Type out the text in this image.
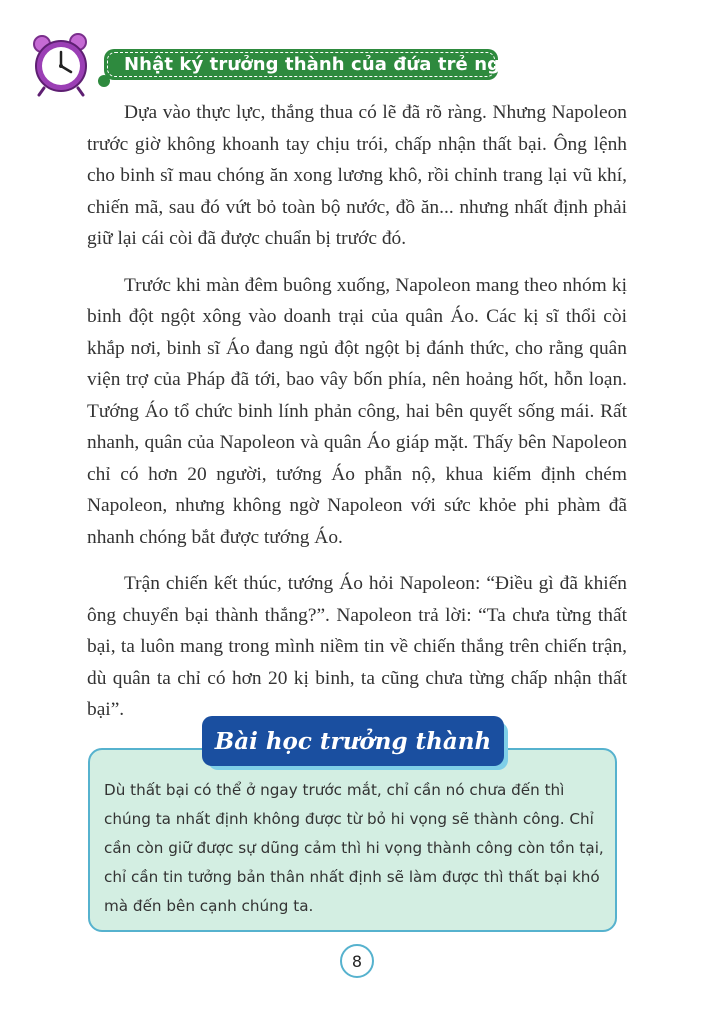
Nhật ký trưởng thành của đứa trẻ ngoan

Dựa vào thực lực, thắng thua có lẽ đã rõ ràng. Nhưng Napoleon trước giờ không khoanh tay chịu trói, chấp nhận thất bại. Ông lệnh cho binh sĩ mau chóng ăn xong lương khô, rồi chỉnh trang lại vũ khí, chiến mã, sau đó vứt bỏ toàn bộ nước, đồ ăn... nhưng nhất định phải giữ lại cái còi đã được chuẩn bị trước đó.

Trước khi màn đêm buông xuống, Napoleon mang theo nhóm kị binh đột ngột xông vào doanh trại của quân Áo. Các kị sĩ thổi còi khắp nơi, binh sĩ Áo đang ngủ đột ngột bị đánh thức, cho rằng quân viện trợ của Pháp đã tới, bao vây bốn phía, nên hoảng hốt, hỗn loạn. Tướng Áo tổ chức binh lính phản công, hai bên quyết sống mái. Rất nhanh, quân của Napoleon và quân Áo giáp mặt. Thấy bên Napoleon chỉ có hơn 20 người, tướng Áo phẫn nộ, khua kiếm định chém Napoleon, nhưng không ngờ Napoleon với sức khỏe phi phàm đã nhanh chóng bắt được tướng Áo.

Trận chiến kết thúc, tướng Áo hỏi Napoleon: “Điều gì đã khiến ông chuyển bại thành thắng?”. Napoleon trả lời: “Ta chưa từng thất bại, ta luôn mang trong mình niềm tin về chiến thắng trên chiến trận, dù quân ta chỉ có hơn 20 kị binh, ta cũng chưa từng chấp nhận thất bại”.

Dù thất bại có thể ở ngay trước mắt, chỉ cần nó chưa đến thì chúng ta nhất định không được từ bỏ hi vọng sẽ thành công. Chỉ cần còn giữ được sự dũng cảm thì hi vọng thành công còn tồn tại, chỉ cần tin tưởng bản thân nhất định sẽ làm được thì thất bại khó mà đến bên cạnh chúng ta.
Bài học trưởng thành
8
